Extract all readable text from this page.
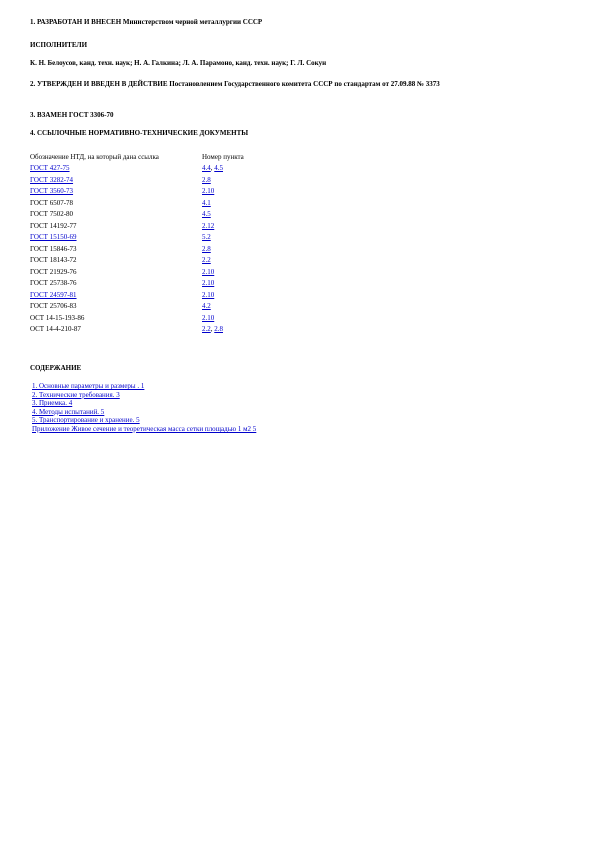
1. РАЗРАБОТАН И ВНЕСЕН Министерством черной металлургии СССР
ИСПОЛНИТЕЛИ
К. Н. Белоусов, канд. техн. наук; Н. А. Галкина; Л. А. Парамоно, канд. техн. наук; Г. Л. Сокун
2. УТВЕРЖДЕН И ВВЕДЕН В ДЕЙСТВИЕ Постановлением Государственного комитета СССР по стандартам от 27.09.88 № 3373
3. ВЗАМЕН ГОСТ 3306-70
4. ССЫЛОЧНЫЕ НОРМАТИВНО-ТЕХНИЧЕСКИЕ ДОКУМЕНТЫ
Обозначение НТД, на который дана ссылка	Номер пункта
ГОСТ 427-75	4.4, 4.5
ГОСТ 3282-74	2.8
ГОСТ 3560-73	2.10
ГОСТ 6507-78	4.1
ГОСТ 7502-80	4.5
ГОСТ 14192-77	2.12
ГОСТ 15150-69	5.2
ГОСТ 15846-73	2.8
ГОСТ 18143-72	2.2
ГОСТ 21929-76	2.10
ГОСТ 25738-76	2.10
ГОСТ 24597-81	2.10
ГОСТ 25706-83	4.2
ОСТ 14-15-193-86	2.10
ОСТ 14-4-210-87	2.2, 2.8
СОДЕРЖАНИЕ
1. Основные параметры и размеры . 1
2. Технические требования. 3
3. Приемка. 4
4. Методы испытаний. 5
5. Транспортирование и хранение. 5
Приложение Живое сечение и теоретическая масса сетки площадью 1 м2 5
